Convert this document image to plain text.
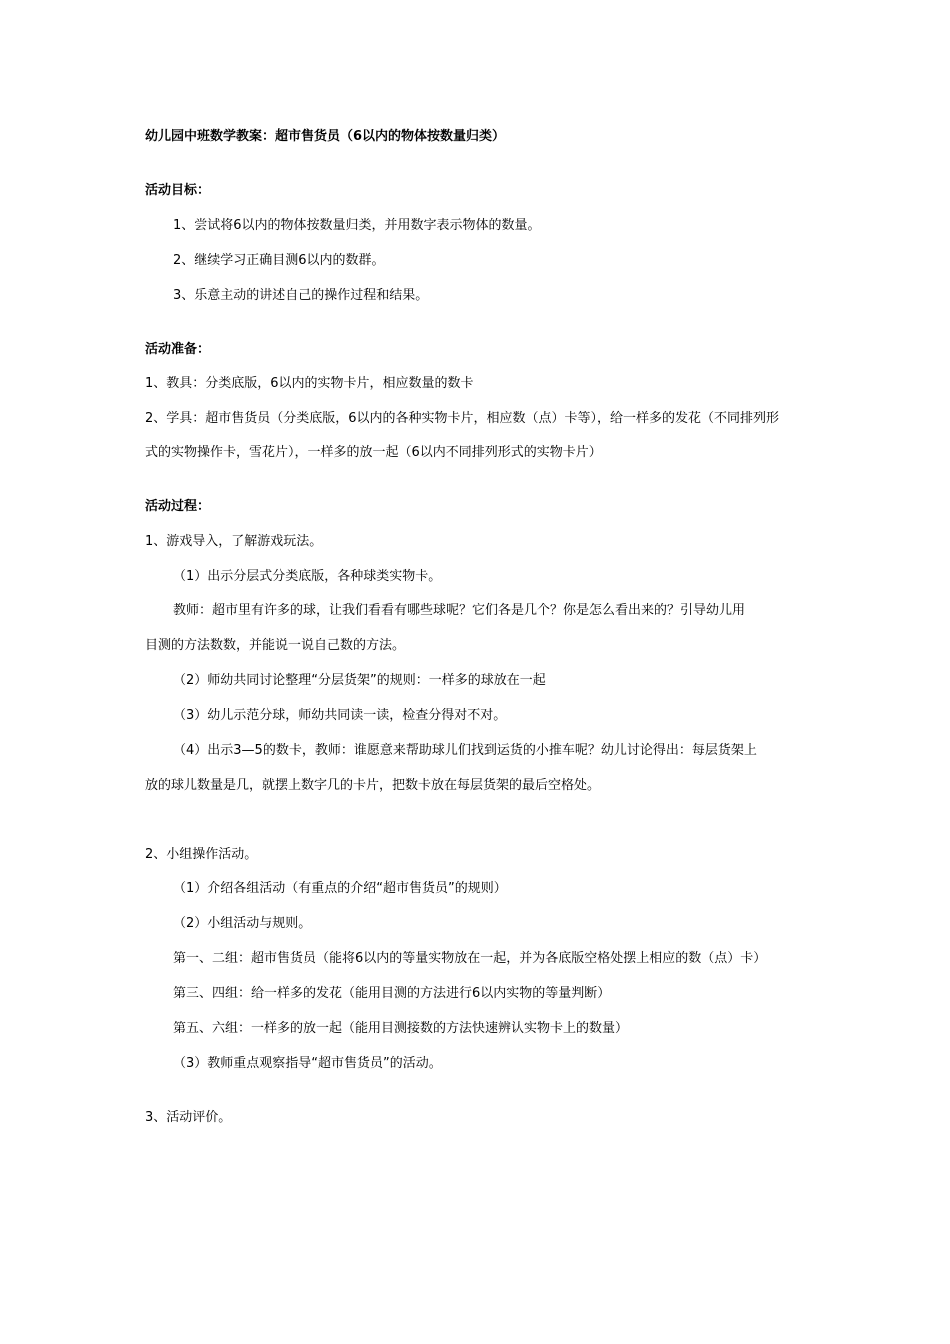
幼儿园中班数学教案：超市售货员（6以内的物体按数量归类）
活动目标：
1、尝试将6以内的物体按数量归类，并用数字表示物体的数量。
2、继续学习正确目测6以内的数群。
3、乐意主动的讲述自己的操作过程和结果。
活动准备：
1、教具：分类底版，6以内的实物卡片，相应数量的数卡
2、学具：超市售货员（分类底版，6以内的各种实物卡片，相应数（点）卡等），给一样多的发花（不同排列形
式的实物操作卡，雪花片），一样多的放一起（6以内不同排列形式的实物卡片）
活动过程：
1、游戏导入，了解游戏玩法。
（1）出示分层式分类底版，各种球类实物卡。
教师：超市里有许多的球，让我们看看有哪些球呢？它们各是几个？你是怎么看出来的？引导幼儿用
目测的方法数数，并能说一说自己数的方法。
（2）师幼共同讨论整理“分层货架”的规则：一样多的球放在一起
（3）幼儿示范分球，师幼共同读一读，检查分得对不对。
（4）出示3—5的数卡，教师：谁愿意来帮助球儿们找到运货的小推车呢？幼儿讨论得出：每层货架上
放的球儿数量是几，就摆上数字几的卡片，把数卡放在每层货架的最后空格处。
2、小组操作活动。
（1）介绍各组活动（有重点的介绍“超市售货员”的规则）
（2）小组活动与规则。
第一、二组：超市售货员（能将6以内的等量实物放在一起，并为各底版空格处摆上相应的数（点）卡）
第三、四组：给一样多的发花（能用目测的方法进行6以内实物的等量判断）
第五、六组：一样多的放一起（能用目测接数的方法快速辨认实物卡上的数量）
（3）教师重点观察指导“超市售货员”的活动。
3、活动评价。
